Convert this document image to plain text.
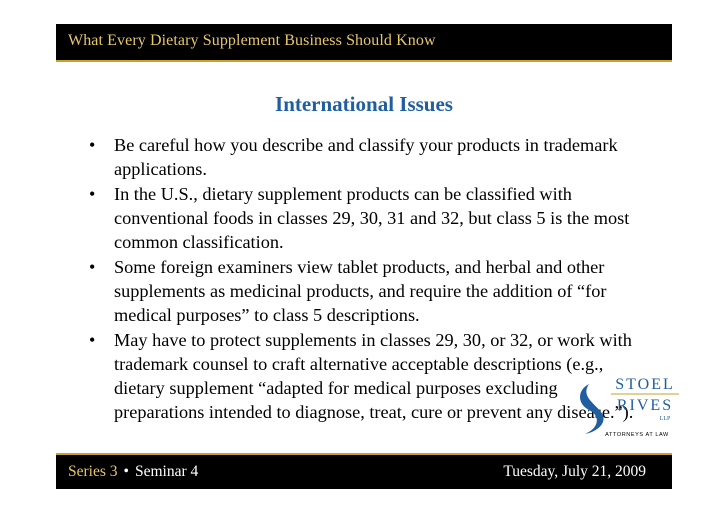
What Every Dietary Supplement Business Should Know
International Issues
• Be careful how you describe and classify your products in trademark applications.
• In the U.S., dietary supplement products can be classified with conventional foods in classes 29, 30, 31 and 32, but class 5 is the most common classification.
• Some foreign examiners view tablet products, and herbal and other supplements as medicinal products, and require the addition of “for medical purposes” to class 5 descriptions.
• May have to protect supplements in classes 29, 30, or 32, or work with trademark counsel to craft alternative acceptable descriptions (e.g., dietary supplement “adapted for medical purposes excluding preparations intended to diagnose, treat, cure or prevent any disease.”).
STOEL
RIVES
LLP
ATTORNEYS AT LAW
Series 3 • Seminar 4	Tuesday, July 21, 2009
